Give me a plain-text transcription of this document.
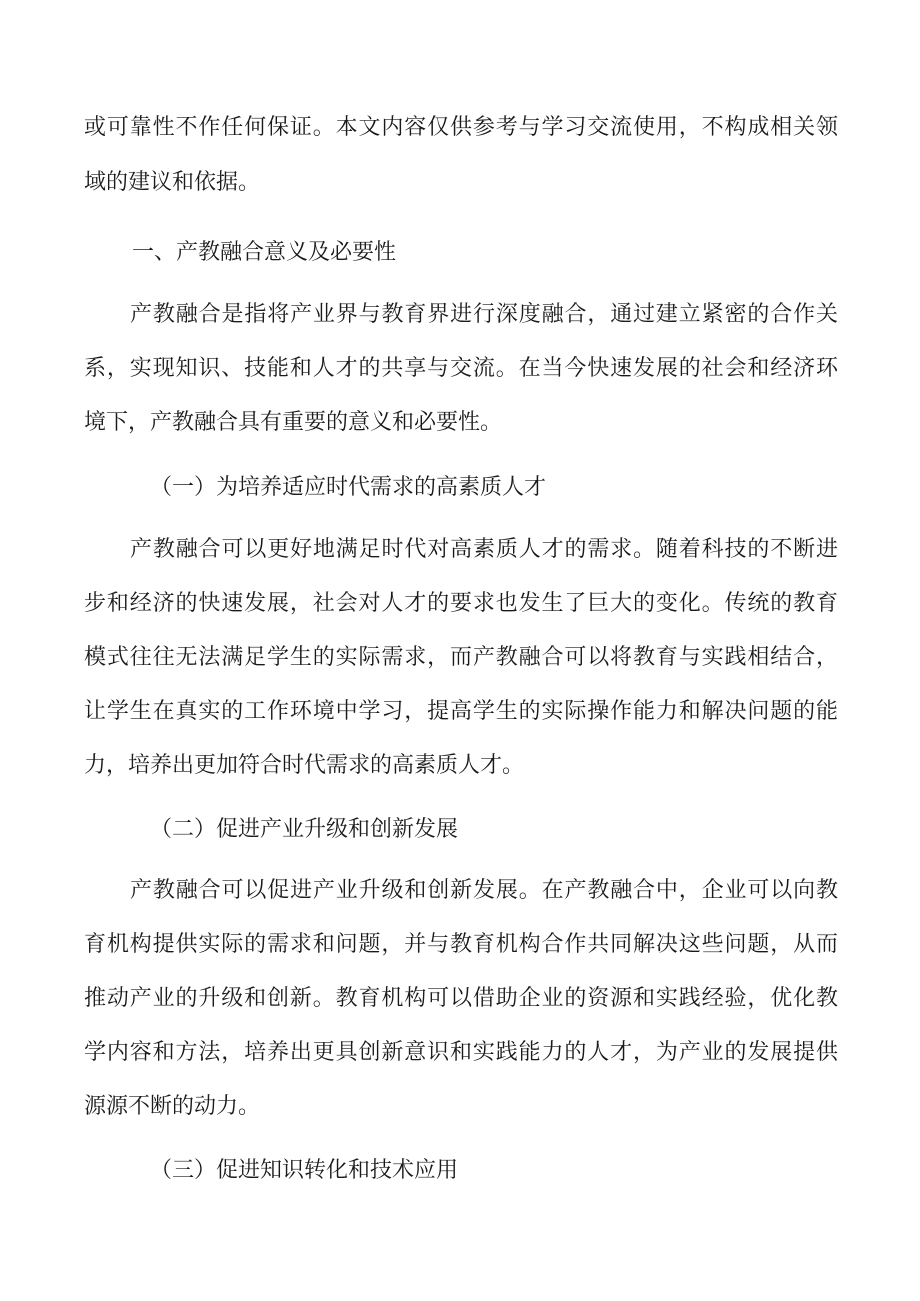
或可靠性不作任何保证。本文内容仅供参考与学习交流使用，不构成相关领
域的建议和依据。
一、产教融合意义及必要性
产教融合是指将产业界与教育界进行深度融合，通过建立紧密的合作关
系，实现知识、技能和人才的共享与交流。在当今快速发展的社会和经济环
境下，产教融合具有重要的意义和必要性。
（一）为培养适应时代需求的高素质人才
产教融合可以更好地满足时代对高素质人才的需求。随着科技的不断进
步和经济的快速发展，社会对人才的要求也发生了巨大的变化。传统的教育
模式往往无法满足学生的实际需求，而产教融合可以将教育与实践相结合，
让学生在真实的工作环境中学习，提高学生的实际操作能力和解决问题的能
力，培养出更加符合时代需求的高素质人才。
（二）促进产业升级和创新发展
产教融合可以促进产业升级和创新发展。在产教融合中，企业可以向教
育机构提供实际的需求和问题，并与教育机构合作共同解决这些问题，从而
推动产业的升级和创新。教育机构可以借助企业的资源和实践经验，优化教
学内容和方法，培养出更具创新意识和实践能力的人才，为产业的发展提供
源源不断的动力。
（三）促进知识转化和技术应用
